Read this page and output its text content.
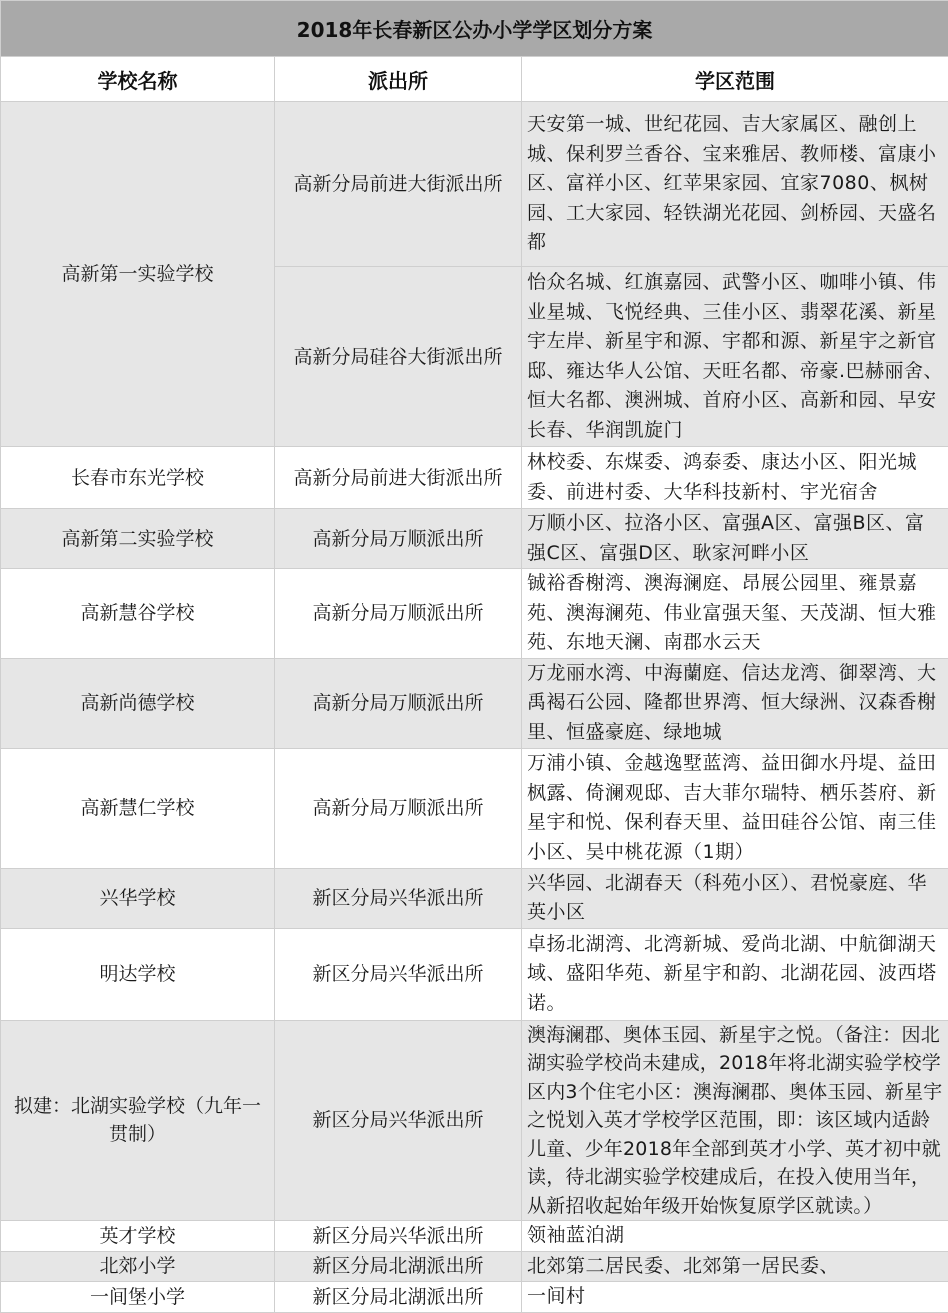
2018年长春新区公办小学学区划分方案		
学校名称	派出所	学区范围
高新第一实验学校	高新分局前进大街派出所	天安第一城、世纪花园、吉大家属区、融创上城、保利罗兰香谷、宝来雅居、教师楼、富康小区、富祥小区、红苹果家园、宜家7080、枫树园、工大家园、轻铁湖光花园、剑桥园、天盛名都
	高新分局硅谷大街派出所	怡众名城、红旗嘉园、武警小区、咖啡小镇、伟业星城、飞悦经典、三佳小区、翡翠花溪、新星宇左岸、新星宇和源、宇都和源、新星宇之新官邸、雍达华人公馆、天旺名都、帝豪.巴赫丽舍、恒大名都、澳洲城、首府小区、高新和园、早安长春、华润凯旋门
长春市东光学校	高新分局前进大街派出所	林校委、东煤委、鸿泰委、康达小区、阳光城委、前进村委、大华科技新村、宇光宿舍
高新第二实验学校	高新分局万顺派出所	万顺小区、拉洛小区、富强A区、富强B区、富强C区、富强D区、耿家河畔小区
高新慧谷学校	高新分局万顺派出所	铖裕香榭湾、澳海澜庭、昂展公园里、雍景嘉苑、澳海澜苑、伟业富强天玺、天茂湖、恒大雅苑、东地天澜、南郡水云天
高新尚德学校	高新分局万顺派出所	万龙丽水湾、中海蘭庭、信达龙湾、御翠湾、大禹褐石公园、隆都世界湾、恒大绿洲、汉森香榭里、恒盛豪庭、绿地城
高新慧仁学校	高新分局万顺派出所	万浦小镇、金越逸墅蓝湾、益田御水丹堤、益田枫露、倚澜观邸、吉大菲尔瑞特、栖乐荟府、新星宇和悦、保利春天里、益田硅谷公馆、南三佳小区、吴中桃花源（1期）
兴华学校	新区分局兴华派出所	兴华园、北湖春天（科苑小区）、君悦豪庭、华英小区
明达学校	新区分局兴华派出所	卓扬北湖湾、北湾新城、爱尚北湖、中航御湖天域、盛阳华苑、新星宇和韵、北湖花园、波西塔诺。
拟建：北湖实验学校（九年一贯制）	新区分局兴华派出所	澳海澜郡、奥体玉园、新星宇之悦。（备注：因北湖实验学校尚未建成，2018年将北湖实验学校学区内3个住宅小区：澳海澜郡、奥体玉园、新星宇之悦划入英才学校学区范围，即：该区域内适龄儿童、少年2018年全部到英才小学、英才初中就读，待北湖实验学校建成后，在投入使用当年，从新招收起始年级开始恢复原学区就读。）
英才学校	新区分局兴华派出所	领袖蓝泊湖
北郊小学	新区分局北湖派出所	北郊第二居民委、北郊第一居民委、
一间堡小学	新区分局北湖派出所	一间村
